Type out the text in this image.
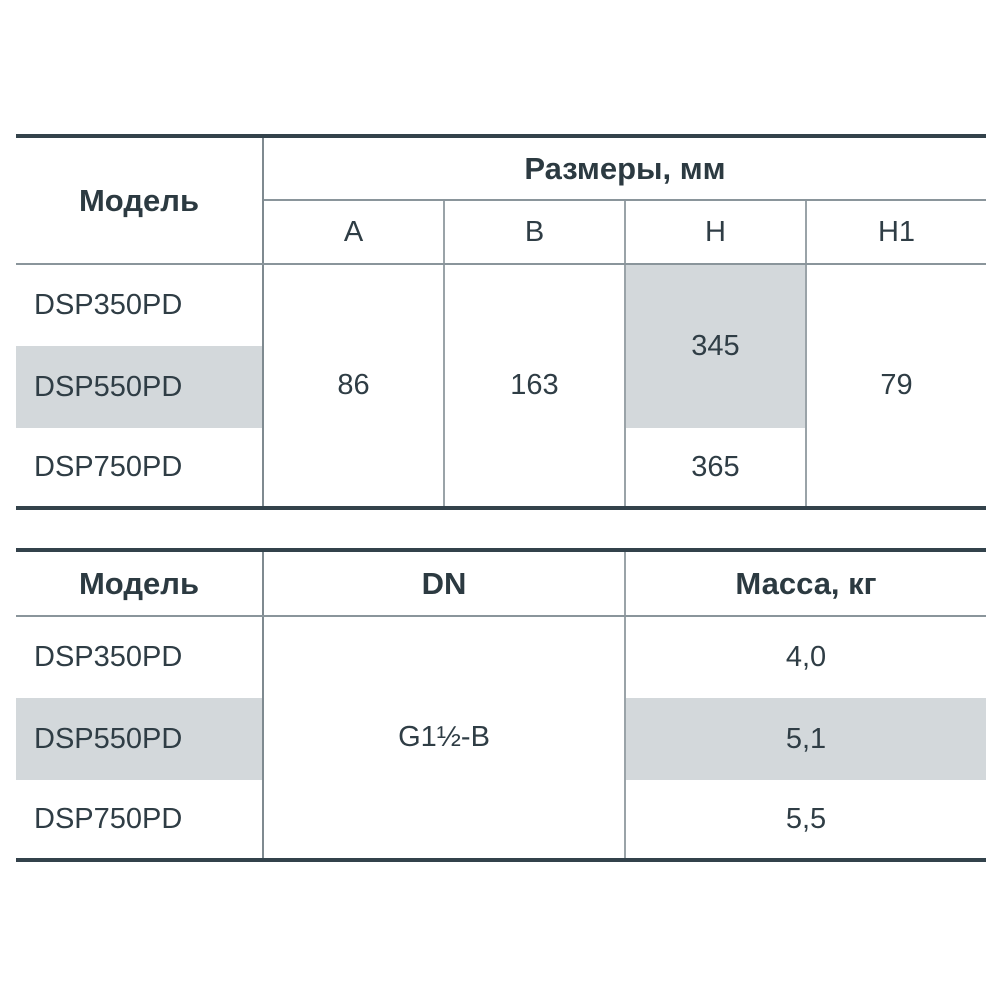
Модель	Размеры, мм			
	A	B	H	H1
DSP350PD	86	163	345	79
DSP550PD				
DSP750PD			365	
Модель	DN	Масса, кг
DSP350PD	G1½-B	4,0
DSP550PD		5,1
DSP750PD		5,5
